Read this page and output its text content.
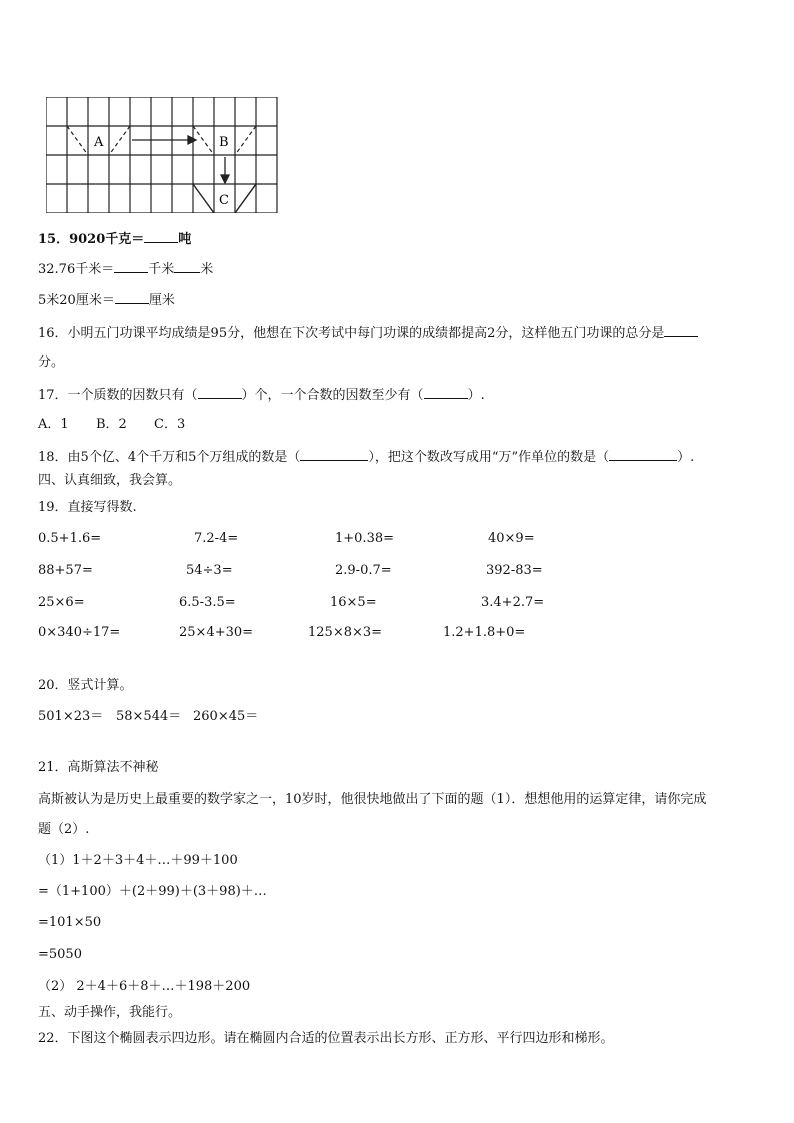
A	B
C
15．9020千克＝	吨
32.76千米＝	千米 米
5米20厘米＝	厘米
16．小明五门功课平均成绩是95分，他想在下次考试中每门功课的成绩都提高2分，这样他五门功课的总分是
分。
17．一个质数的因数只有（	）个，一个合数的因数至少有（	）.
A．1 B．2 C．3
18．由5个亿、4个千万和5个万组成的数是（	），把这个数改写成用“万”作单位的数是（	）.
四、认真细致，我会算。
19．直接写得数.
0.5+1.6=	7.2-4=	1+0.38=	40×9=
88+57=	54÷3=	2.9-0.7=	392-83=
25×6=	6.5-3.5=	16×5=	3.4+2.7=
0×340÷17=	25×4+30=	125×8×3=	1.2+1.8+0=
20．竖式计算。
501×23＝ 58×544＝ 260×45＝
21．高斯算法不神秘
高斯被认为是历史上最重要的数学家之一，10岁时，他很快地做出了下面的题（1）．想想他用的运算定律，请你完成
题（2）.
（1）1＋2＋3＋4＋…＋99＋100
=（1+100）＋(2＋99)＋(3＋98)＋…
=101×50
=5050
（2） 2＋4＋6＋8＋…＋198＋200
五、动手操作，我能行。
22．下图这个椭圆表示四边形。请在椭圆内合适的位置表示出长方形、正方形、平行四边形和梯形。
